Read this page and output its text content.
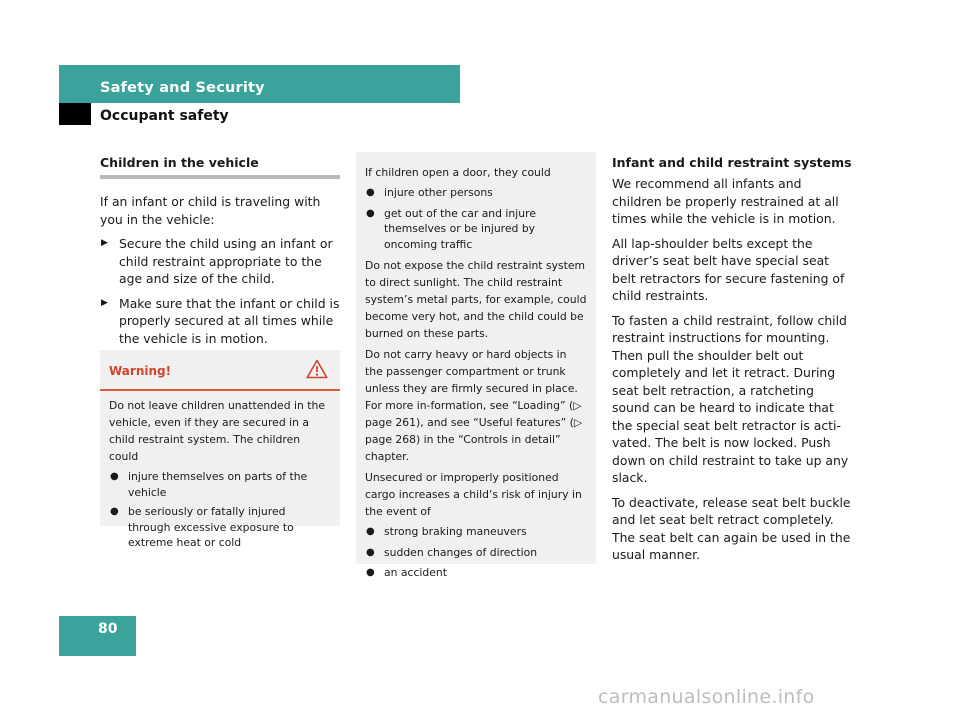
Safety and Security
Occupant safety
Children in the vehicle

If an infant or child is traveling with you in the vehicle:

▶ Secure the child using an infant or child restraint appropriate to the age and size of the child.
▶ Make sure that the infant or child is properly secured at all times while the vehicle is in motion.
Warning!

Do not leave children unattended in the vehicle, even if they are secured in a child restraint system. The children could

● injure themselves on parts of the vehicle
● be seriously or fatally injured through excessive exposure to extreme heat or cold

If children open a door, they could

● injure other persons
● get out of the car and injure themselves or be injured by oncoming traffic

Do not expose the child restraint system to direct sunlight. The child restraint system’s metal parts, for example, could become very hot, and the child could be burned on these parts.

Do not carry heavy or hard objects in the passenger compartment or trunk unless they are firmly secured in place. For more in-formation, see “Loading” (▷ page 261), and see “Useful features” (▷ page 268) in the “Controls in detail” chapter.

Unsecured or improperly positioned cargo increases a child’s risk of injury in the event of

● strong braking maneuvers
● sudden changes of direction
● an accident
Infant and child restraint systems

We recommend all infants and children be properly restrained at all times while the vehicle is in motion.

All lap-shoulder belts except the driver’s seat belt have special seat belt retractors for secure fastening of child restraints.

To fasten a child restraint, follow child restraint instructions for mounting. Then pull the shoulder belt out completely and let it retract. During seat belt retraction, a ratcheting sound can be heard to indicate that the special seat belt retractor is acti-vated. The belt is now locked. Push down on child restraint to take up any slack.

To deactivate, release seat belt buckle and let seat belt retract completely. The seat belt can again be used in the usual manner.

80
carmanualsonline.info
